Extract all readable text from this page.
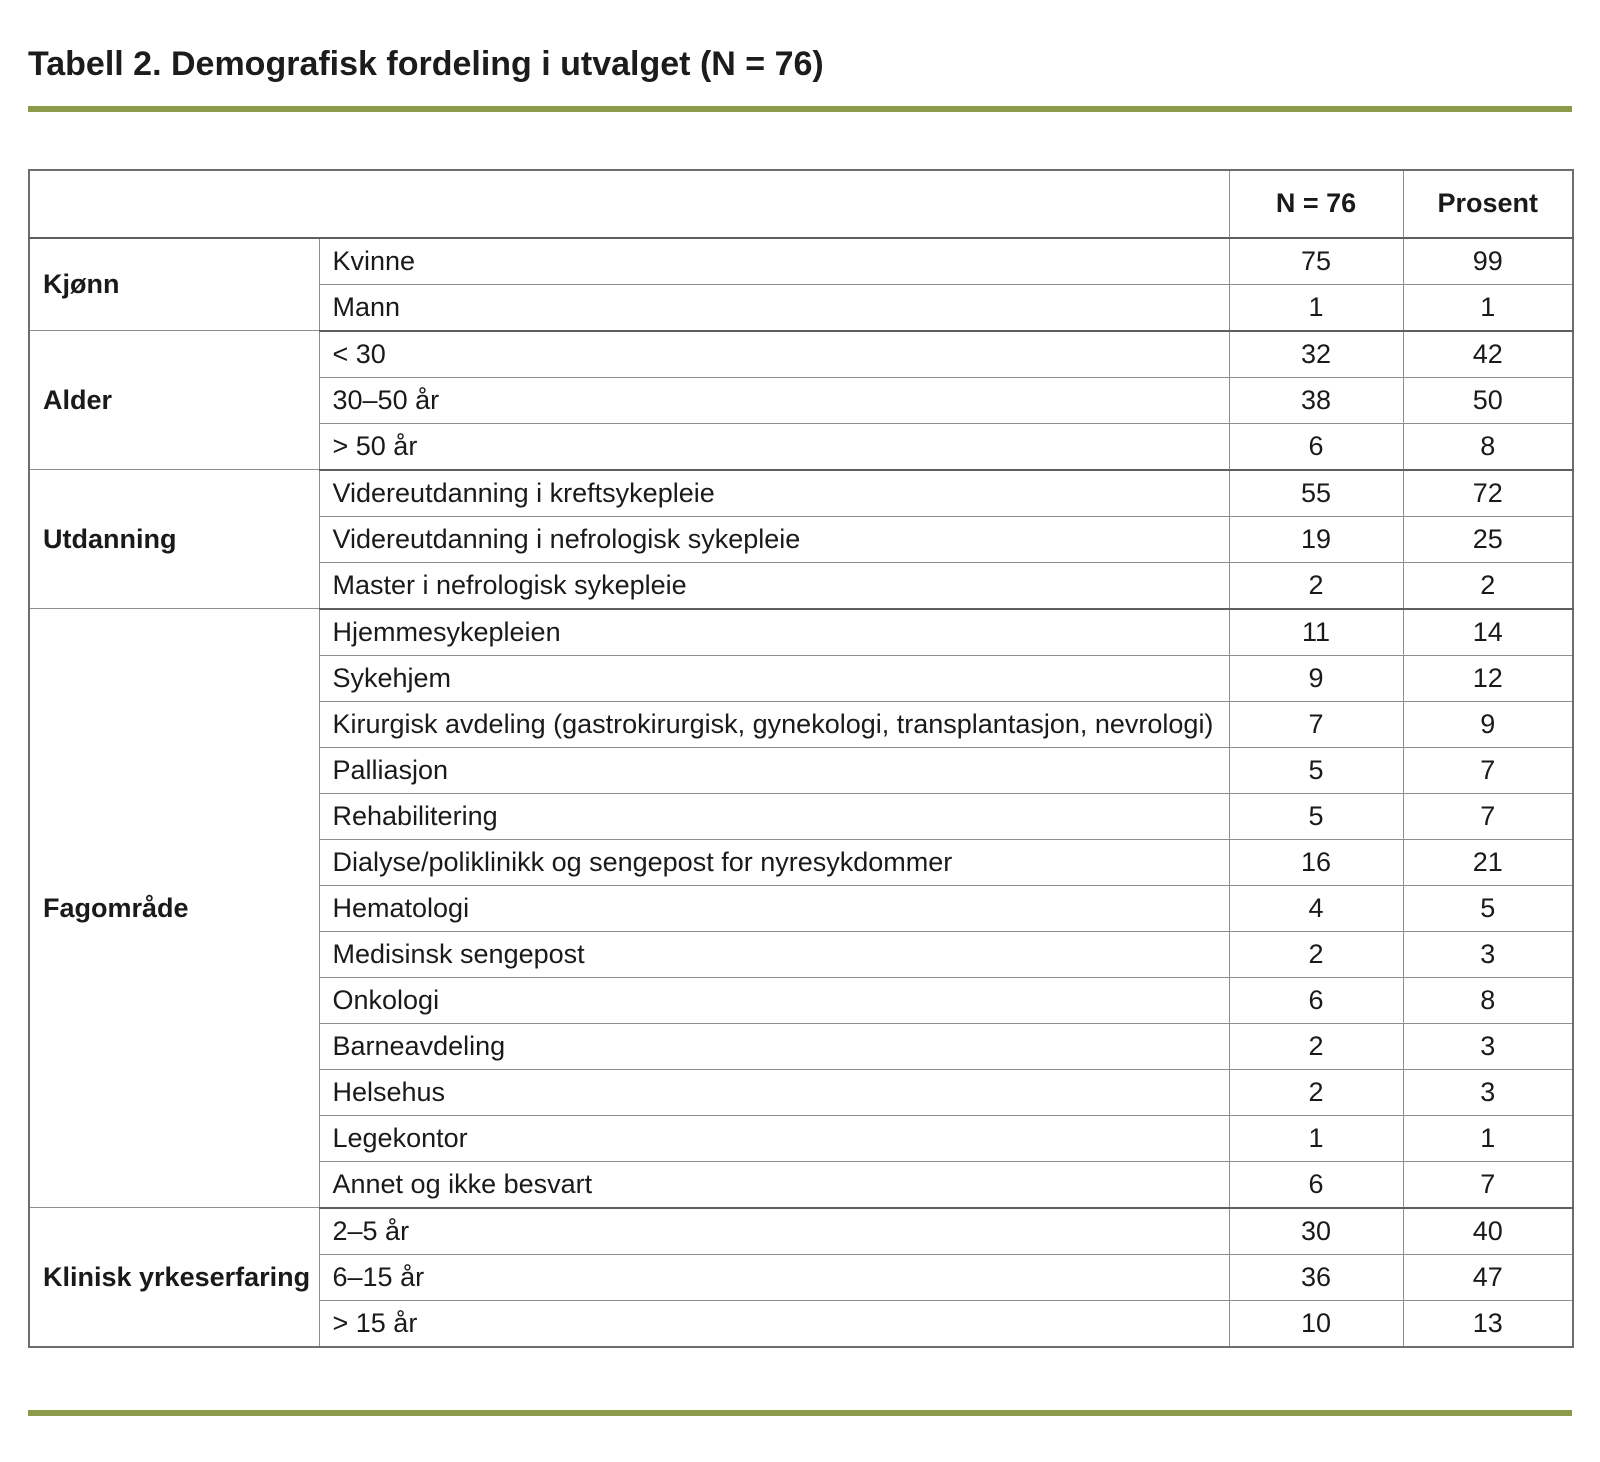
Tabell 2. Demografisk fordeling i utvalget (N = 76)
		N = 76	Prosent
Kjønn	Kvinne	75	99
	Mann	1	1
Alder	< 30	32	42
	30–50 år	38	50
	> 50 år	6	8
Utdanning	Videreutdanning i kreftsykepleie	55	72
	Videreutdanning i nefrologisk sykepleie	19	25
	Master i nefrologisk sykepleie	2	2
Fagområde	Hjemmesykepleien	11	14
	Sykehjem	9	12
	Kirurgisk avdeling (gastrokirurgisk, gynekologi, transplantasjon, nevrologi)	7	9
	Palliasjon	5	7
	Rehabilitering	5	7
	Dialyse/poliklinikk og sengepost for nyresykdommer	16	21
	Hematologi	4	5
	Medisinsk sengepost	2	3
	Onkologi	6	8
	Barneavdeling	2	3
	Helsehus	2	3
	Legekontor	1	1
	Annet og ikke besvart	6	7
Klinisk yrkeserfaring	2–5 år	30	40
	6–15 år	36	47
	> 15 år	10	13
